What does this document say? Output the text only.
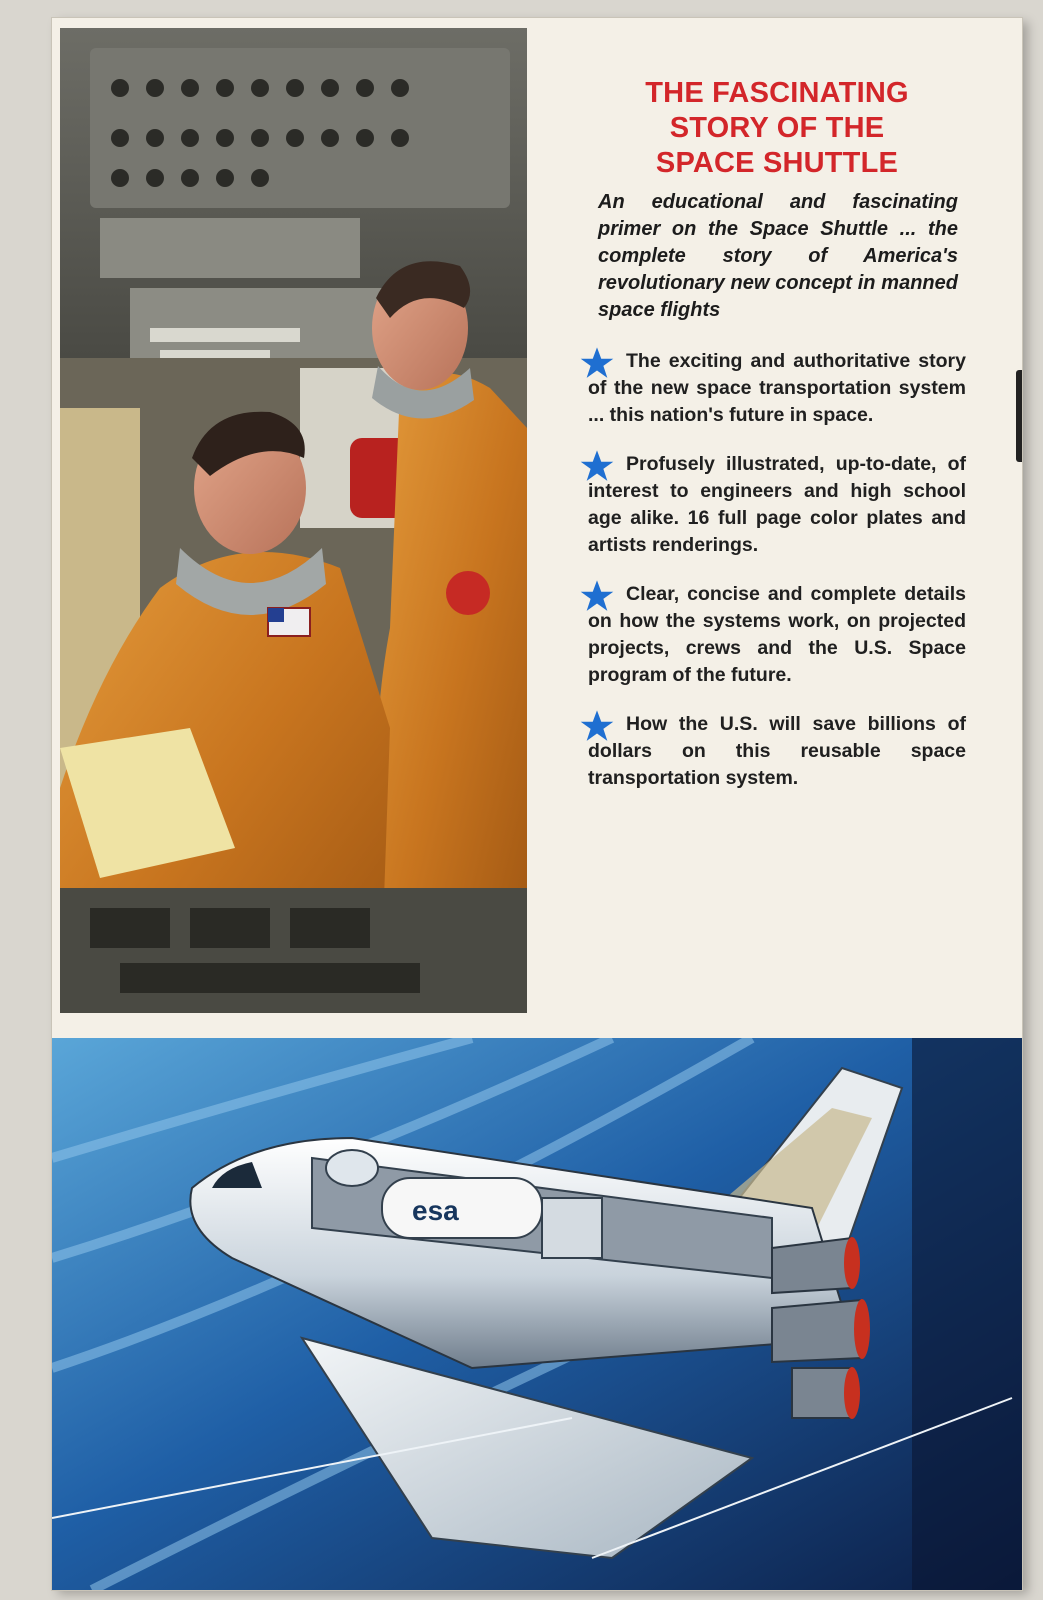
THE FASCINATING
STORY OF THE
SPACE SHUTTLE

An educational and fascinating primer on the Space Shuttle ... the complete story of America's revolutionary new concept in manned space flights

The exciting and authoritative story of the new space transportation system ... this nation's future in space.
Profusely illustrated, up-to-date, of interest to engineers and high school age alike. 16 full page color plates and artists renderings.
Clear, concise and complete details on how the systems work, on projected projects, crews and the U.S. Space program of the future.
How the U.S. will save billions of dollars on this reusable space transportation system.
esa
